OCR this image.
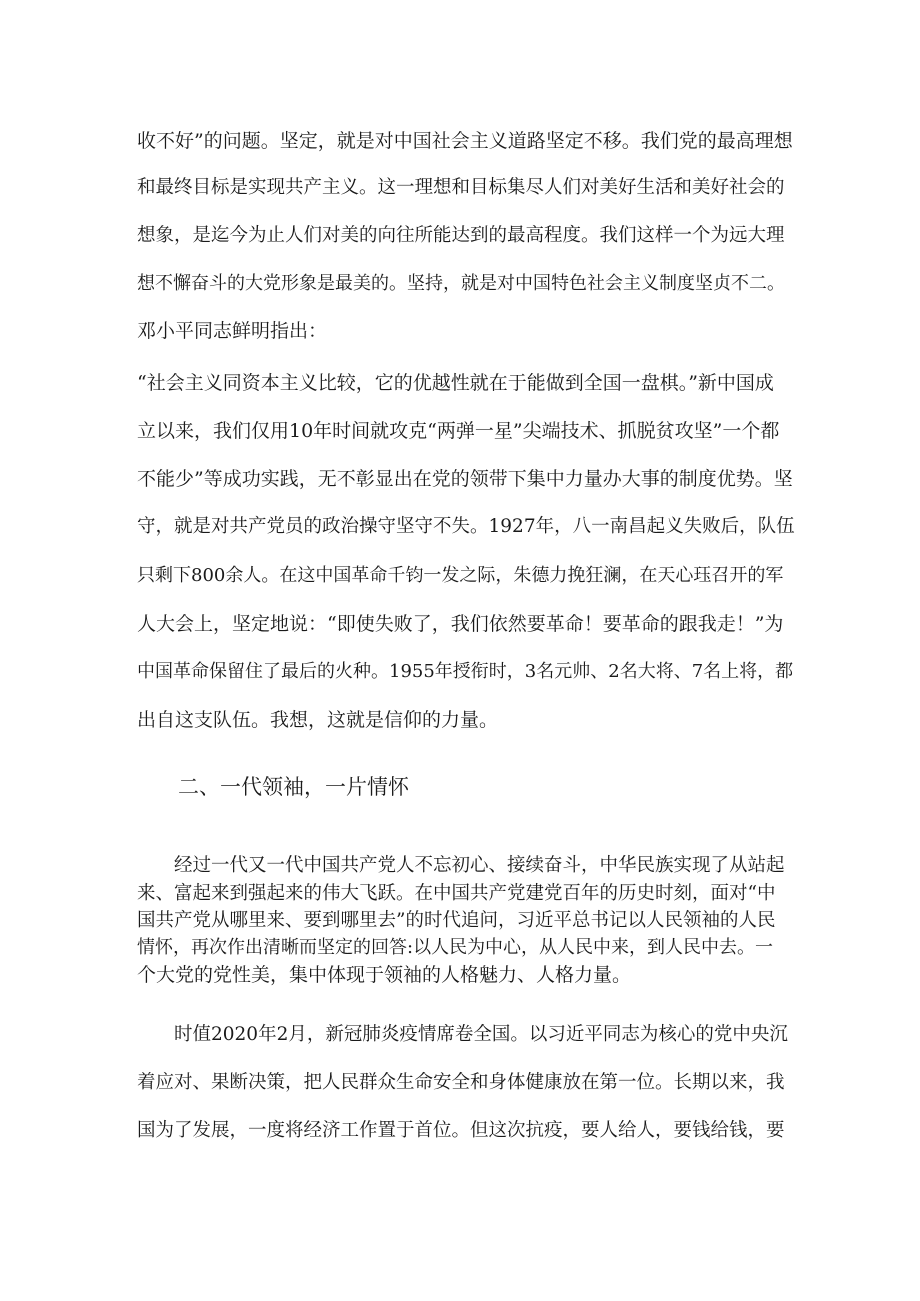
收不好”的问题。坚定，就是对中国社会主义道路坚定不移。我们党的最高理想
和最终目标是实现共产主义。这一理想和目标集尽人们对美好生活和美好社会的
想象，是迄今为止人们对美的向往所能达到的最高程度。我们这样一个为远大理
想不懈奋斗的大党形象是最美的。坚持，就是对中国特色社会主义制度坚贞不二。
邓小平同志鲜明指出：
“社会主义同资本主义比较，它的优越性就在于能做到全国一盘棋。”新中国成
立以来，我们仅用10年时间就攻克“两弹一星”尖端技术、抓脱贫攻坚”一个都
不能少”等成功实践，无不彰显出在党的领带下集中力量办大事的制度优势。坚
守，就是对共产党员的政治操守坚守不失。1927年，八一南昌起义失败后，队伍
只剩下800余人。在这中国革命千钧一发之际，朱德力挽狂澜，在天心珏召开的军
人大会上，坚定地说：“即使失败了，我们依然要革命！要革命的跟我走！”为
中国革命保留住了最后的火种。1955年授衔时，3名元帅、2名大将、7名上将，都
出自这支队伍。我想，这就是信仰的力量。
二、一代领袖，一片情怀
　　经过一代又一代中国共产党人不忘初心、接续奋斗，中华民族实现了从站起
来、富起来到强起来的伟大飞跃。在中国共产党建党百年的历史时刻，面对“中
国共产党从哪里来、要到哪里去”的时代追问，习近平总书记以人民领袖的人民
情怀，再次作出清晰而坚定的回答:以人民为中心，从人民中来，到人民中去。一
个大党的党性美，集中体现于领袖的人格魅力、人格力量。
　　时值2020年2月，新冠肺炎疫情席卷全国。以习近平同志为核心的党中央沉
着应对、果断决策，把人民群众生命安全和身体健康放在第一位。长期以来，我
国为了发展，一度将经济工作置于首位。但这次抗疫，要人给人，要钱给钱，要
